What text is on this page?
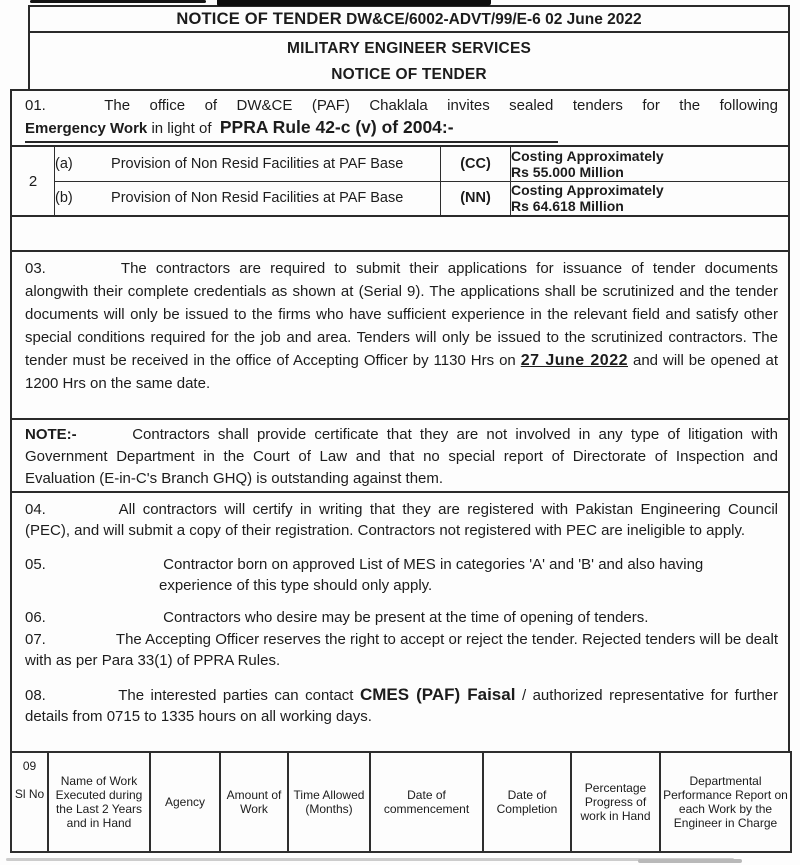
NOTICE OF TENDER DW&CE/6002-ADVT/99/E-6 02 June 2022
MILITARY ENGINEER SERVICES
NOTICE OF TENDER
01.	The office of DW&CE (PAF) Chaklala invites sealed tenders for the following
Emergency Work in light of PPRA Rule 42-c (v) of 2004:-
2	(a) Provision of Non Resid Facilities at PAF Base	(CC)	Costing Approximately
Rs 55.000 Million

	(b) Provision of Non Resid Facilities at PAF Base	(NN)	Costing Approximately
Rs 64.618 Million
03.	The contractors are required to submit their applications for issuance of tender documents alongwith their complete credentials as shown at (Serial 9). The applications shall be scrutinized and the tender documents will only be issued to the firms who have sufficient experience in the relevant field and satisfy other special conditions required for the job and area. Tenders will only be issued to the scrutinized contractors. The tender must be received in the office of Accepting Officer by 1130 Hrs on 27 June 2022 and will be opened at 1200 Hrs on the same date.
NOTE:-	Contractors shall provide certificate that they are not involved in any type of litigation with Government Department in the Court of Law and that no special report of Directorate of Inspection and Evaluation (E-in-C's Branch GHQ) is outstanding against them.

04.	All contractors will certify in writing that they are registered with Pakistan Engineering Council (PEC), and will submit a copy of their registration. Contractors not registered with PEC are ineligible to apply.

05.	Contractor born on approved List of MES in categories 'A' and 'B' and also having experience of this type should only apply.

06.	Contractors who desire may be present at the time of opening of tenders.

07.	The Accepting Officer reserves the right to accept or reject the tender. Rejected tenders will be dealt with as per Para 33(1) of PPRA Rules.

08.	The interested parties can contact CMES (PAF) Faisal / authorized representative for further details from 0715 to 1335 hours on all working days.

09
Sl No
	Name of Work Executed during the Last 2 Years and in Hand	Agency	Amount of Work	Time Allowed (Months)	Date of commencement	Date of Completion	Percentage Progress of work in Hand	Departmental Performance Report on each Work by the Engineer in Charge
